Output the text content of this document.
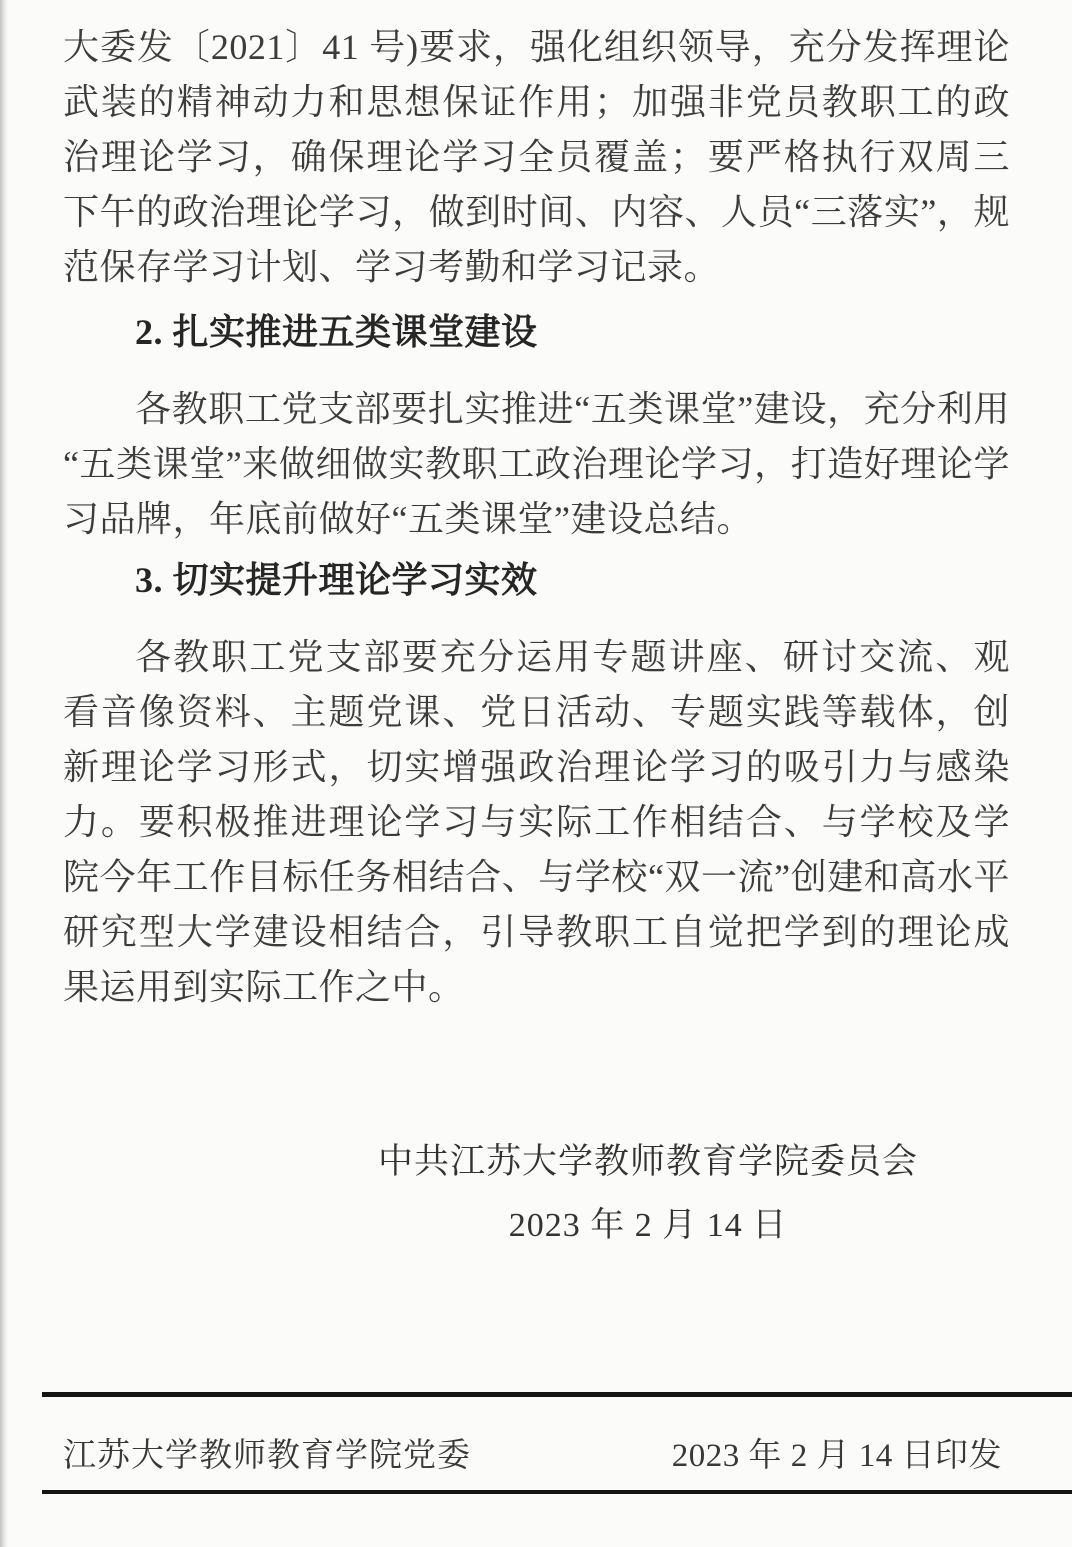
大委发〔2021〕41 号)要求，强化组织领导，充分发挥理论武装的精神动力和思想保证作用；加强非党员教职工的政治理论学习，确保理论学习全员覆盖；要严格执行双周三下午的政治理论学习，做到时间、内容、人员“三落实”，规范保存学习计划、学习考勤和学习记录。

2. 扎实推进五类课堂建设

各教职工党支部要扎实推进“五类课堂”建设，充分利用“五类课堂”来做细做实教职工政治理论学习，打造好理论学习品牌，年底前做好“五类课堂”建设总结。

3. 切实提升理论学习实效

各教职工党支部要充分运用专题讲座、研讨交流、观看音像资料、主题党课、党日活动、专题实践等载体，创新理论学习形式，切实增强政治理论学习的吸引力与感染力。要积极推进理论学习与实际工作相结合、与学校及学院今年工作目标任务相结合、与学校“双一流”创建和高水平研究型大学建设相结合，引导教职工自觉把学到的理论成果运用到实际工作之中。

中共江苏大学教师教育学院委员会
2023 年 2 月 14 日
江苏大学教师教育学院党委	2023 年 2 月 14 日印发
